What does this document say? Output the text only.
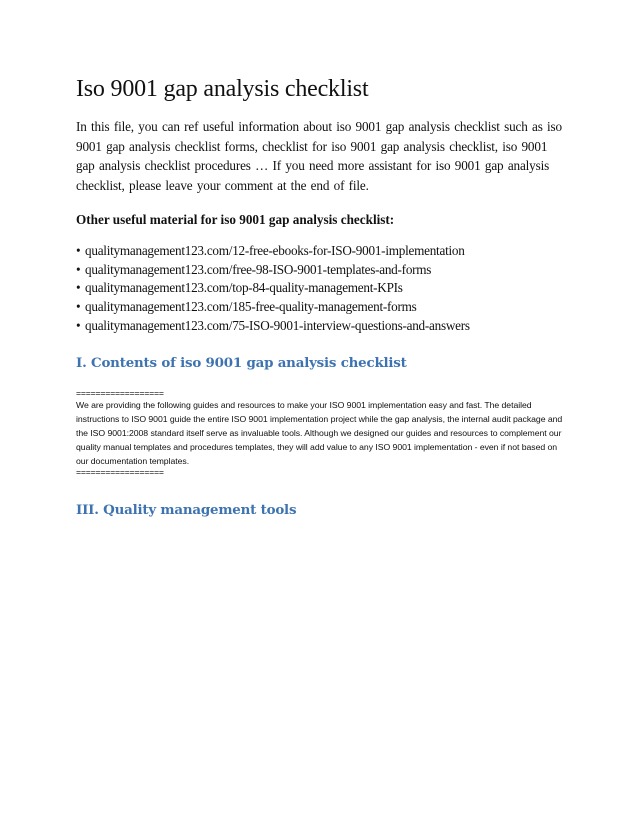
Iso 9001 gap analysis checklist

In this file, you can ref useful information about iso 9001 gap analysis checklist such as iso 9001 gap analysis checklist forms, checklist for iso 9001 gap analysis checklist, iso 9001 gap analysis checklist procedures … If you need more assistant for iso 9001 gap analysis checklist, please leave your comment at the end of file.

Other useful material for iso 9001 gap analysis checklist:

• qualitymanagement123.com/12-free-ebooks-for-ISO-9001-implementation
• qualitymanagement123.com/free-98-ISO-9001-templates-and-forms
• qualitymanagement123.com/top-84-quality-management-KPIs
• qualitymanagement123.com/185-free-quality-management-forms
• qualitymanagement123.com/75-ISO-9001-interview-questions-and-answers
I. Contents of iso 9001 gap analysis checklist
==================
We are providing the following guides and resources to make your ISO 9001 implementation easy and fast. The detailed instructions to ISO 9001 guide the entire ISO 9001 implementation project while the gap analysis, the internal audit package and the ISO 9001:2008 standard itself serve as invaluable tools. Although we designed our guides and resources to complement our quality manual templates and procedures templates, they will add value to any ISO 9001 implementation - even if not based on our documentation templates.
==================
III. Quality management tools
